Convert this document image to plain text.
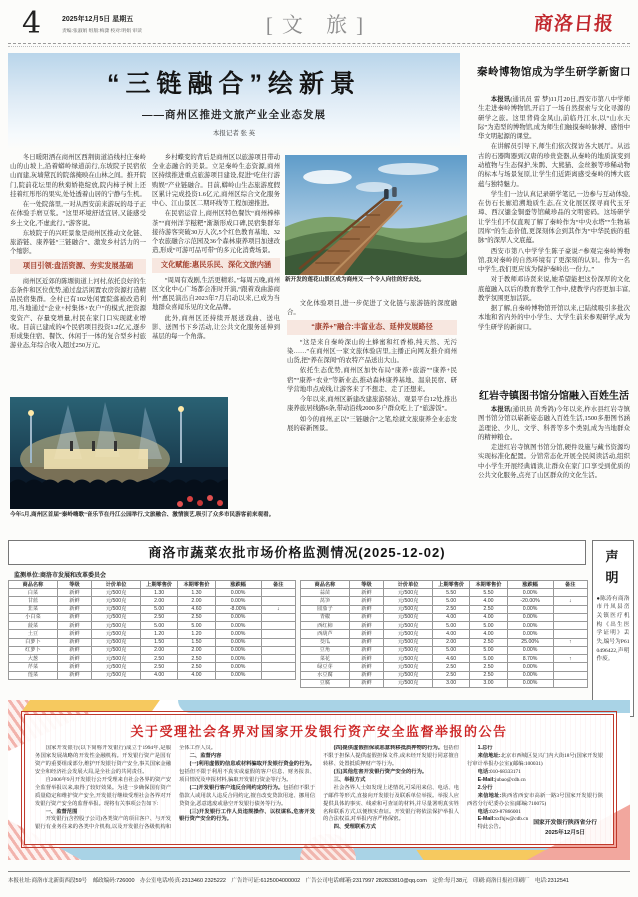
4	2025年12月5日 星期五
责编:张淑娟 组版:梅潇 校对:明娟 审读	[文 旅]	商洛日报
“三链融合”绘新景
——商州区推进文旅产业全业态发展
本报记者 张 英

冬日暖阳洒在商州区西荆街道沿线村庄秦岭山的山坡上,沿着蟒岭绿道前行,东坡院子民宿依山而建,灰墙黛瓦的院落掩映在山林之间。推开院门,院前花坛里的秋菊娇艳绽放,院内柿子树上还挂着红彤彤的果实,处处透着山居的宁静与生机。

在一处院落里,一对从西安前来游玩的母子正在体验手磨豆浆。“这里环境舒适宜居,又能感受乡土文化,不虚此行。”游客说。

东坡院子的兴旺景象是商州区推动文化链、旅游链、康养链“三链融合”、激发乡村活力的一个缩影。

项目引领:盘活资源、夯实发展基础

商州区近郊的陈塬街道上河村,依托良好的生态条件和区位优势,通过盘活闲置农房资源打造精品民宿集群。全村已有102处闲置院落被改造利用,当地通过“企业+村集体+农户”的模式,把资源变资产、存量变增量,村民在家门口实现就业增收。目前已建成的4个民宿项目投资1.2亿元,逐步形成集住宿、餐饮、休闲于一体的复合型乡村旅游业态,年综合收入超过250万元。

乡村蝶变的背后是商州区以旅游项目带动全业态融合的美景。立足秦岭生态资源,商州区持续推进重点旅游项目建设,促进“吃住行游购娱”产业链融合。目前,蟒岭山生态旅游度假区累计完成投资1.6亿元,商州区综合文化服务中心、江山景区二期环线等工程加速推进。

在民宿运营上,商州区特色餐饮“商州棒棒茶”“商州洋芋糍粑”渐渐形成口碑,民宿集群年接待游客突破30万人次,5个红色教育基地、32个农旅融合示范园及36个森林康养项目加速改造,形成“可游可品可带”的多元化消费场景。

文化赋能:惠民乐民、深化文旅内涵

“周周有戏剧,生活更精彩。”每周五晚,商州区文化中心广场都会准时开演,“跟着戏曲游商州”惠民演出自2023年7月启动以来,已成为当地群众喜闻乐见的文化品牌。

此外,商州区还持续开展送戏曲、送电影、送图书下乡活动,让公共文化服务延伸到基层的每一个角落。

新开发的莲花山景区成为商州又一个令人向往的好去处。

文化体验项目,进一步促进了文化链与旅游链的深度融合。

“康养+”融合:丰富业态、延伸发展路径

“这是来自秦岭深山的土蜂蜜和红香椿,纯天然、无污染……”在商州区一家文旅体验店里,主播正向网友推介商州山货,把“养在深闺”的农特产品送出大山。

依托生态优势,商州区加快布局“康养+旅游”“康养+民宿”“康养+农业”等新业态,推动森林康养基地、温泉民宿、研学营地串点成线,让游客来了不想走、走了还想来。

今年以来,商州区新建改建旅游驿站、观景平台12处,推出康养旅居线路6条,带动沿线2000多户群众吃上了“旅游饭”。

如今的商州,正以“三链融合”之笔,绘就文旅康养全业态发展的崭新图景。

今年5月,商州区首届“秦岭嗨歌”音乐节在丹江公园举行,文旅融合、激情演艺,吸引了众多市民游客前来观看。
秦岭博物馆成为学生研学新窗口

本报讯(通讯员 雷 梦)11月20日,西安市第八中学师生走进秦岭博物馆,开启了一场自然探索与文化寻源的研学之旅。这里背倚金凤山,前临丹江水,以“山水天际”为造型的博物馆,成为师生们触摸秦岭脉搏、感悟中华文明起源的课堂。

在讲解员引导下,师生们依次探访各大展厅。从远古的石器陶器到汉唐的珍贵瓷器,从秦岭的地质演变到动植物与生态保护,朱鹮、大熊猫、金丝猴等珍稀动物的标本与场景复原,让学生们近距离感受秦岭的博大底蕴与独特魅力。

学生们一边认真记录研学笔记,一边参与互动体验,在仿石长廊追溯地质生态,在文化展区探寻商代玉牙璋、西汉鎏金铜蚕等馆藏珍品的文明密码。这场研学让学生们不仅直观了解了秦岭作为“中央水塔”“生物基因库”的生态价值,更深刻体会到其作为“中华民族的祖脉”的深厚人文底蕴。

西安市第八中学学生陈子豪说:“参观完秦岭博物馆,我对秦岭的自然环境有了更深刻的认识。作为一名中学生,我们更应该为保护秦岭出一份力。”

对于教师邓诗贤来说,她希望能把这份深厚的文化底蕴融入以后的教育教学工作中,使教学内容更加丰富,教学氛围更加活跃。

据了解,自秦岭博物馆开馆以来,已陆续吸引多批次本地和省内外的中小学生、大学生前来参观研学,成为学生研学的新窗口。

红岩寺镇图书馆分馆融入百姓生活

本报讯(通讯员 黄秀鸽)今年以来,柞水县红岩寺镇图书馆分馆以崭新姿态融入百姓生活,1500多册图书涵盖理论、少儿、文学、科普等多个类别,成为当地群众的精神粮仓。

走进红岩寺镇图书馆分馆,硬件设施与藏书资源均实现标准化配置。分馆常态化开展全民阅读活动,组织中小学生开展经典诵读,让群众在家门口享受到优质的公共文化服务,点亮了山区群众的文化生活。

商洛市蔬菜农批市场价格监测情况(2025-12-02)
监测单位:商洛市发展和改革委员会
商品名称	等级	计价单位	上期零售价	本期零售价	涨跌幅	备注
白菜	新鲜	元/500克	1.30	1.30	0.00%	
甘蓝	新鲜	元/500克	2.00	2.00	0.00%	
韭菜	新鲜	元/500克	5.00	4.60	-8.00%	↓
小白菜	新鲜	元/500克	2.50	2.50	0.00%	
菠菜	新鲜	元/500克	5.00	5.00	0.00%	
土豆	新鲜	元/500克	1.20	1.20	0.00%	
白萝卜	新鲜	元/500克	1.50	1.50	0.00%	
红萝卜	新鲜	元/500克	2.00	2.00	0.00%	
大葱	新鲜	元/500克	2.50	2.50	0.00%	
芹菜	新鲜	元/500克	2.50	2.50	0.00%	
莲菜	新鲜	元/500克	4.00	4.00	0.00%	
商品名称	等级	计价单位	上期零售价	本期零售价	涨跌幅	备注
蒜苗	新鲜	元/500克	5.50	5.50	0.00%	
莴笋	新鲜	元/500克	5.00	4.00	-20.00%	↓
圆茄子	新鲜	元/500克	2.50	2.50	0.00%	
青椒	新鲜	元/500克	4.00	4.00	0.00%	
西红柿	新鲜	元/500克	5.00	5.00	0.00%	
西葫芦	新鲜	元/500克	4.00	4.00	0.00%	
茭瓜	新鲜	元/500克	2.00	2.50	25.00%	↑
豆角	新鲜	元/500克	5.00	5.00	0.00%	
菜花	新鲜	元/500克	4.60	5.00	8.70%	↑
绿豆芽	新鲜	元/500克	2.50	2.50	0.00%	
水豆腐	新鲜	元/500克	2.50	2.50	0.00%	
豆腐	新鲜	元/500克	3.00	3.00	0.00%	
声明

●陈涛有商洛市丹凤县峦关镇医疗机构《出生医学证明》丢失,编号为P610496422,声明作废。

关于受理社会各界对国家开发银行资产安全监督举报的公告

国家开发银行(以下简称开发银行)成立于1994年,是服务国家发展战略的开发性金融机构。开发银行资产是国有资产的重要组成部分,维护开发银行资产安全,事关国家金融安全和经济社会发展大局,是全社会的共同责任。

自2006年9月开发银行公开受理来自社会各界的资产安全监督举报以来,取得了较好效果。为进一步确保国有资产质量稳定和维护资产安全,开发银行继续受理社会各界对开发银行资产安全的监督举报。现将有关事项公告如下:

一、监督范围

开发银行(含控股子公司)各类资产的项目客户、与开发银行有业务往来的各类中介机构,以及开发银行各级机构和全体工作人员。

二、监督内容

(一)利用虚假的信息或材料骗取开发银行资金的行为。包括但不限于利用不真实或虚假的客户信息、财务报表、项目情况及申报材料,骗取开发银行资金等行为。

(二)开发银行客户违反合同约定的行为。包括但不限于借款人或用款人违反合同约定,擅自改变贷款用途、挪用信贷资金,恶意逃废或悬空开发银行债务等行为。

(三)开发银行工作人员违规操作、以权谋私,危害开发银行资产安全的行为。

(四)提供虚假担保或恶意转移抵质押物的行为。包括但不限于担保人提供虚假担保文件,或未经开发银行同意擅自转移、处置抵质押财产等行为。

(五)其他危害开发银行资产安全的行为。

三、举报方式

社会各界人士如发现上述情况,可采用来信、电话、电子邮件等形式,直接向开发银行及联系单位举报。举报人应提供具体的事实、线索和可查证的材料,并尽量署明真实姓名和联系方式,以便核实查证。开发银行将依法保护举报人的合法权益,对举报内容严格保密。

四、受理联系方式

1.总行

来信地址:北京市西城区复兴门内大街18号(国家开发银行审计举报办公室)(邮编:100031)

电话:010-68333171

E-Mail:jubao@cdb.cn

2.分行

来信地址:陕西省西安市高新一路3号国家开发银行陕西省分行纪委办公室(邮编:710075)

电话:029-87866001

E-Mail:sxfhjw@cdb.cn

特此公告。

国家开发银行陕西省分行
2025年12月5日
本报社址:商洛市北新街西段59号　邮政编码:726000　办公室电话/传真:2313460 2325222　广告许可证:6125004000002　广告公司电话/邮箱:2317997 282833810@qq.com　定价:每月38元　印刷:商洛日报社印刷厂　电话:2312541
